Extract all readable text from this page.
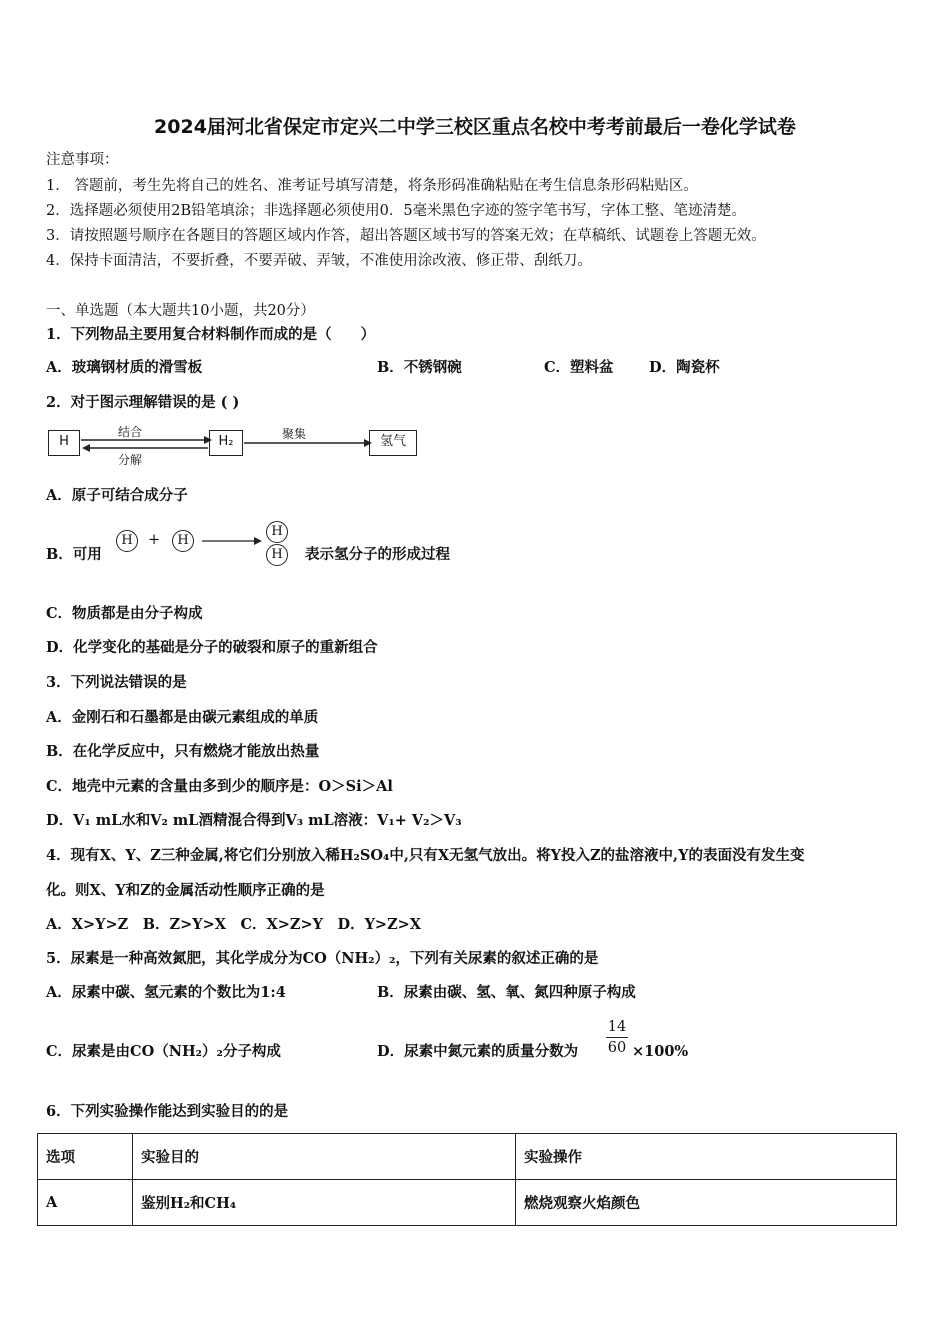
2024届河北省保定市定兴二中学三校区重点名校中考考前最后一卷化学试卷
注意事项：
1． 答题前，考生先将自己的姓名、准考证号填写清楚，将条形码准确粘贴在考生信息条形码粘贴区。
2．选择题必须使用2B铅笔填涂；非选择题必须使用0．5毫米黑色字迹的签字笔书写，字体工整、笔迹清楚。
3．请按照题号顺序在各题目的答题区域内作答，超出答题区域书写的答案无效；在草稿纸、试题卷上答题无效。
4．保持卡面清洁，不要折叠，不要弄破、弄皱，不准使用涂改液、修正带、刮纸刀。
一、单选题（本大题共10小题，共20分）
1．下列物品主要用复合材料制作而成的是（　　）
A．玻璃钢材质的滑雪板	B．不锈钢碗	C．塑料盆 D．陶瓷杯
2．对于图示理解错误的是 ( )
H	H₂	氢气
结合
分解
聚集
A．原子可结合成分子
B．可用
H	+	H
H
H	表示氢分子的形成过程
C．物质都是由分子构成
D．化学变化的基础是分子的破裂和原子的重新组合
3．下列说法错误的是
A．金刚石和石墨都是由碳元素组成的单质
B．在化学反应中，只有燃烧才能放出热量
C．地壳中元素的含量由多到少的顺序是：O＞Si＞Al
D．V₁ mL水和V₂ mL酒精混合得到V₃ mL溶液：V₁+ V₂＞V₃
4．现有X、Y、Z三种金属,将它们分别放入稀H₂SO₄中,只有X无氢气放出。将Y投入Z的盐溶液中,Y的表面没有发生变
化。则X、Y和Z的金属活动性顺序正确的是
A．X>Y>Z　B．Z>Y>X　C．X>Z>Y　D．Y>Z>X
5．尿素是一种高效氮肥，其化学成分为CO（NH₂）₂，下列有关尿素的叙述正确的是
A．尿素中碳、氢元素的个数比为1:4	B．尿素由碳、氢、氧、氮四种原子构成
C．尿素是由CO（NH₂）₂分子构成	D．尿素中氮元素的质量分数为
14
60 ×100%
6．下列实验操作能达到实验目的的是
选项	实验目的	实验操作
A	鉴别H₂和CH₄	燃烧观察火焰颜色
